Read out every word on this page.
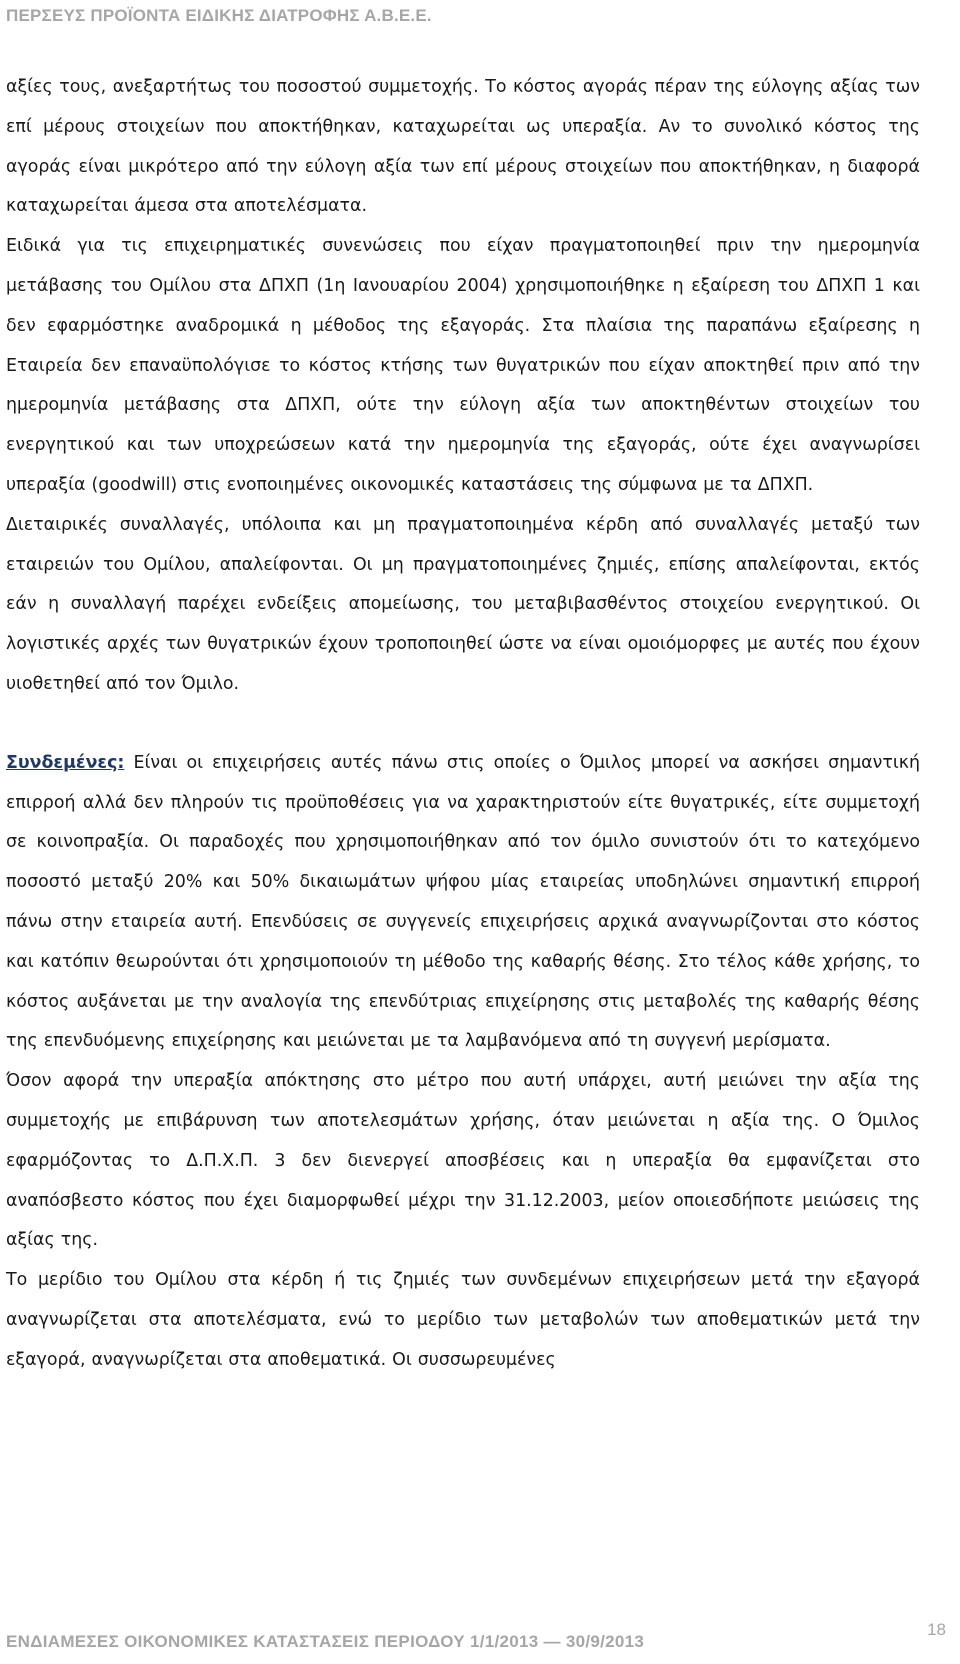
ΠΕΡΣΕΥΣ ΠΡΟΪΟΝΤΑ ΕΙΔΙΚΗΣ ΔΙΑΤΡΟΦΗΣ Α.Β.Ε.Ε.

αξίες τους, ανεξαρτήτως του ποσοστού συμμετοχής. Το κόστος αγοράς πέραν της εύλογης αξίας των επί μέρους στοιχείων που αποκτήθηκαν, καταχωρείται ως υπεραξία. Αν το συνολικό κόστος της αγοράς είναι μικρότερο από την εύλογη αξία των επί μέρους στοιχείων που αποκτήθηκαν, η διαφορά καταχωρείται άμεσα στα αποτελέσματα.

Ειδικά για τις επιχειρηματικές συνενώσεις που είχαν πραγματοποιηθεί πριν την ημερομηνία μετάβασης του Ομίλου στα ΔΠΧΠ (1η Ιανουαρίου 2004) χρησιμοποιήθηκε η εξαίρεση του ΔΠΧΠ 1 και δεν εφαρμόστηκε αναδρομικά η μέθοδος της εξαγοράς. Στα πλαίσια της παραπάνω εξαίρεσης η Εταιρεία δεν επαναϋπολόγισε το κόστος κτήσης των θυγατρικών που είχαν αποκτηθεί πριν από την ημερομηνία μετάβασης στα ΔΠΧΠ, ούτε την εύλογη αξία των αποκτηθέντων στοιχείων του ενεργητικού και των υποχρεώσεων κατά την ημερομηνία της εξαγοράς, ούτε έχει αναγνωρίσει υπεραξία (goodwill) στις ενοποιημένες οικονομικές καταστάσεις της σύμφωνα με τα ΔΠΧΠ.

Διεταιρικές συναλλαγές, υπόλοιπα και μη πραγματοποιημένα κέρδη από συναλλαγές μεταξύ των εταιρειών του Ομίλου, απαλείφονται. Οι μη πραγματοποιημένες ζημιές, επίσης απαλείφονται, εκτός εάν η συναλλαγή παρέχει ενδείξεις απομείωσης, του μεταβιβασθέντος στοιχείου ενεργητικού. Οι λογιστικές αρχές των θυγατρικών έχουν τροποποιηθεί ώστε να είναι ομοιόμορφες με αυτές που έχουν υιοθετηθεί από τον Όμιλο.

Συνδεμένες: Είναι οι επιχειρήσεις αυτές πάνω στις οποίες ο Όμιλος μπορεί να ασκήσει σημαντική επιρροή αλλά δεν πληρούν τις προϋποθέσεις για να χαρακτηριστούν είτε θυγατρικές, είτε συμμετοχή σε κοινοπραξία. Οι παραδοχές που χρησιμοποιήθηκαν από τον όμιλο συνιστούν ότι το κατεχόμενο ποσοστό μεταξύ 20% και 50% δικαιωμάτων ψήφου μίας εταιρείας υποδηλώνει σημαντική επιρροή πάνω στην εταιρεία αυτή. Επενδύσεις σε συγγενείς επιχειρήσεις αρχικά αναγνωρίζονται στο κόστος και κατόπιν θεωρούνται ότι χρησιμοποιούν τη μέθοδο της καθαρής θέσης. Στο τέλος κάθε χρήσης, το κόστος αυξάνεται με την αναλογία της επενδύτριας επιχείρησης στις μεταβολές της καθαρής θέσης της επενδυόμενης επιχείρησης και μειώνεται με τα λαμβανόμενα από τη συγγενή μερίσματα.

Όσον αφορά την υπεραξία απόκτησης στο μέτρο που αυτή υπάρχει, αυτή μειώνει την αξία της συμμετοχής με επιβάρυνση των αποτελεσμάτων χρήσης, όταν μειώνεται η αξία της. Ο Όμιλος εφαρμόζοντας το Δ.Π.Χ.Π. 3 δεν διενεργεί αποσβέσεις και η υπεραξία θα εμφανίζεται στο αναπόσβεστο κόστος που έχει διαμορφωθεί μέχρι την 31.12.2003, μείον οποιεσδήποτε μειώσεις της αξίας της.

Το μερίδιο του Ομίλου στα κέρδη ή τις ζημιές των συνδεμένων επιχειρήσεων μετά την εξαγορά αναγνωρίζεται στα αποτελέσματα, ενώ το μερίδιο των μεταβολών των αποθεματικών μετά την εξαγορά, αναγνωρίζεται στα αποθεματικά. Οι συσσωρευμένες

ΕΝΔΙΑΜΕΣΕΣ ΟΙΚΟΝΟΜΙΚΕΣ ΚΑΤΑΣΤΑΣΕΙΣ ΠΕΡΙΟΔΟΥ 1/1/2013 — 30/9/2013
18
